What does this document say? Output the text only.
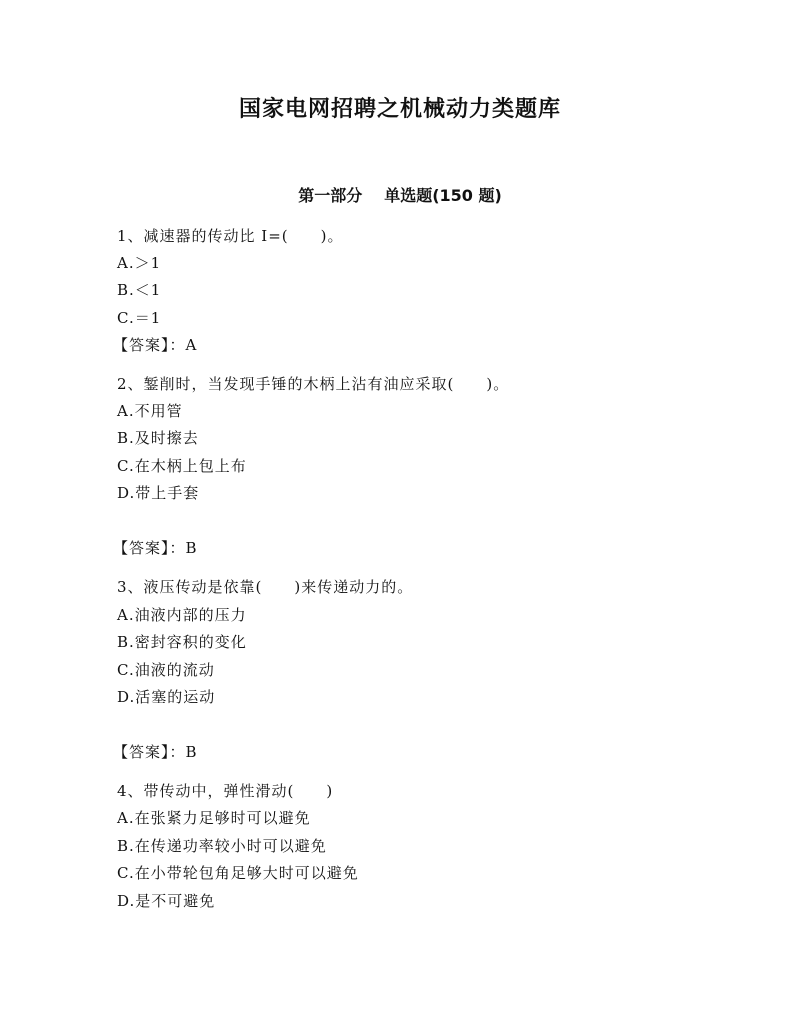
国家电网招聘之机械动力类题库
第一部分 单选题(150 题)
1、减速器的传动比 I=(　　)。
A.＞1
B.＜1
C.＝1
【答案】：A
2、錾削时，当发现手锤的木柄上沾有油应采取(　　)。
A.不用管
B.及时擦去
C.在木柄上包上布
D.带上手套
【答案】：B
3、液压传动是依靠(　　)来传递动力的。
A.油液内部的压力
B.密封容积的变化
C.油液的流动
D.活塞的运动
【答案】：B
4、带传动中，弹性滑动(　　)
A.在张紧力足够时可以避免
B.在传递功率较小时可以避免
C.在小带轮包角足够大时可以避免
D.是不可避免
